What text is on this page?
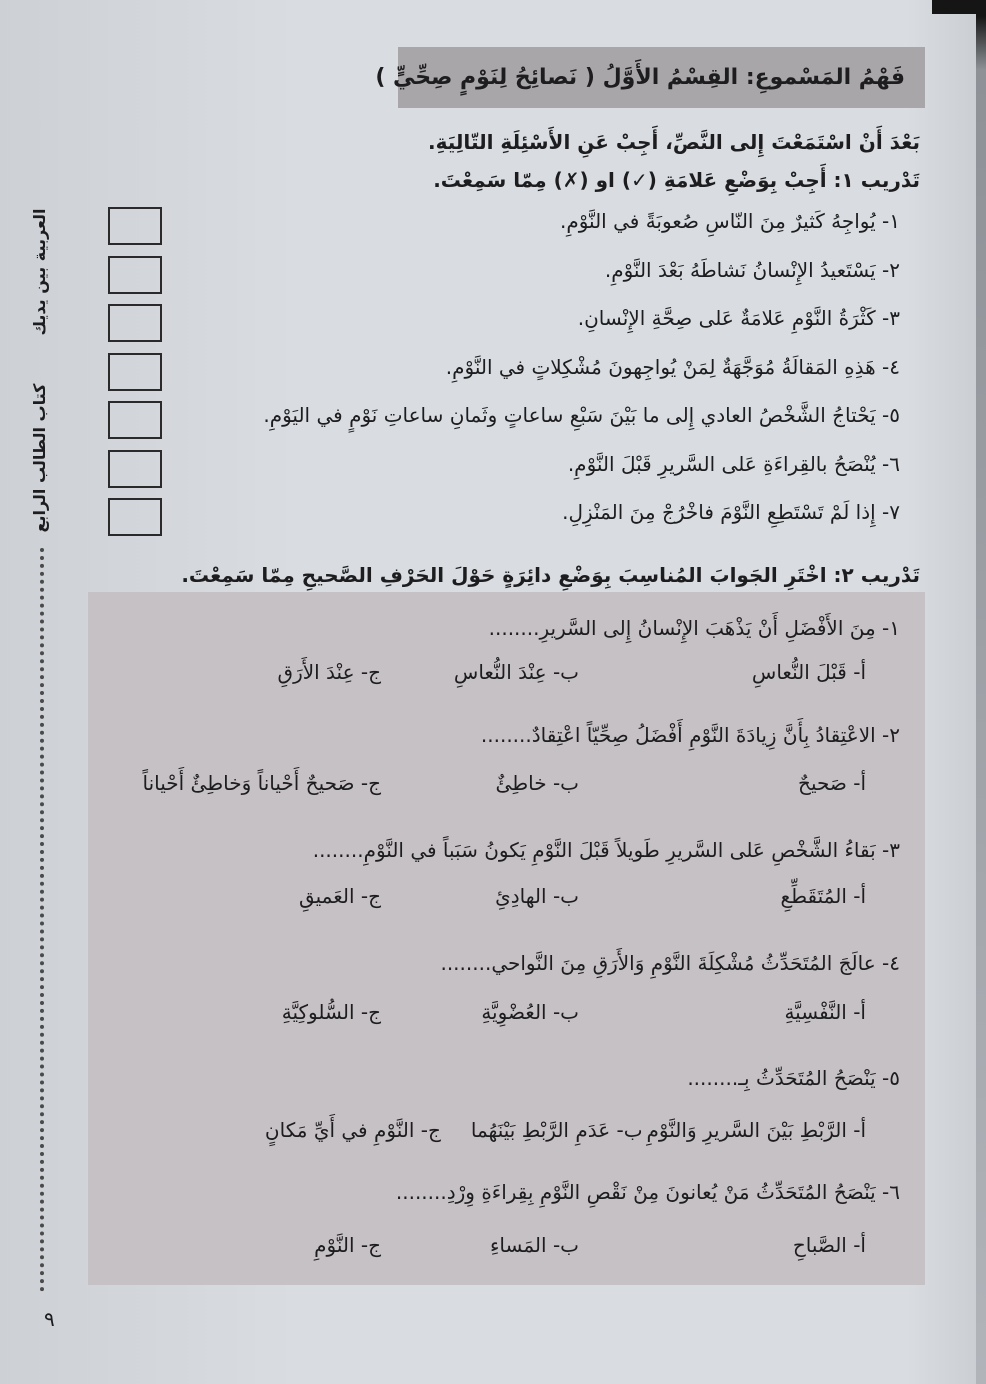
العربية بين يديك
كتاب الطالب الرابع
٩
فَهْمُ المَسْموعِ: القِسْمُ الأَوَّلُ ( نَصائِحُ لِنَوْمٍ صِحِّيٍّ )
بَعْدَ أَنْ اسْتَمَعْتَ إِلى النَّصِّ، أَجِبْ عَنِ الأَسْئِلَةِ التّالِيَةِ.
تَدْريب ١: أَجِبْ بِوَضْعِ عَلامَةِ (✓) او (✗) مِمّا سَمِعْتَ.
١- يُواجِهُ كَثيرٌ مِنَ النّاسِ صُعوبَةً في النَّوْمِ.
٢- يَسْتَعيدُ الإِنْسانُ نَشاطَهُ بَعْدَ النَّوْمِ.
٣- كَثْرَةُ النَّوْمِ عَلامَةٌ عَلى صِحَّةِ الإِنْسانِ.
٤- هَذِهِ المَقالَةُ مُوَجَّهَةٌ لِمَنْ يُواجِهونَ مُشْكِلاتٍ في النَّوْمِ.
٥- يَحْتاجُ الشَّخْصُ العادي إِلى ما بَيْنَ سَبْعِ ساعاتٍ وثَمانِ ساعاتِ نَوْمٍ في اليَوْمِ.
٦- يُنْصَحُ بالقِراءَةِ عَلى السَّريرِ قَبْلَ النَّوْمِ.
٧- إِذا لَمْ تَسْتَطِعِ النَّوْمَ فاخْرُجْ مِنَ المَنْزِلِ.
تَدْريب ٢: اخْتَرِ الجَوابَ المُناسِبَ بِوَضْعِ دائِرَةٍ حَوْلَ الحَرْفِ الصَّحيحِ مِمّا سَمِعْتَ.
١- مِنَ الأَفْضَلِ أَنْ يَذْهَبَ الإِنْسانُ إِلى السَّريرِ........
أ- قَبْلَ النُّعاسِ
ب- عِنْدَ النُّعاسِ
ج- عِنْدَ الأَرَقِ
٢- الاعْتِقادُ بِأَنَّ زِيادَةَ النَّوْمِ أَفْضَلُ صِحِّيّاً اعْتِقادٌ........
أ- صَحيحٌ
ب- خاطِئٌ
ج- صَحيحٌ أَحْياناً وَخاطِئٌ أَحْياناً
٣- بَقاءُ الشَّخْصِ عَلى السَّريرِ طَويلاً قَبْلَ النَّوْمِ يَكونُ سَبَباً في النَّوْمِ........
أ- المُتَقَطِّعِ
ب- الهادِئِ
ج- العَميقِ
٤- عالَجَ المُتَحَدِّثُ مُشْكِلَةَ النَّوْمِ وَالأَرَقِ مِنَ النَّواحي........
أ- النَّفْسِيَّةِ
ب- العُضْوِيَّةِ
ج- السُّلوكِيَّةِ
٥- يَنْصَحُ المُتَحَدِّثُ بِـ........
أ- الرَّبْطِ بَيْنَ السَّريرِ وَالنَّوْمِ
ب- عَدَمِ الرَّبْطِ بَيْنَهُما
ج- النَّوْمِ في أَيِّ مَكانٍ
٦- يَنْصَحُ المُتَحَدِّثُ مَنْ يُعانونَ مِنْ نَقْصِ النَّوْمِ بِقِراءَةِ وِرْدِ........
أ- الصَّباحِ
ب- المَساءِ
ج- النَّوْمِ
